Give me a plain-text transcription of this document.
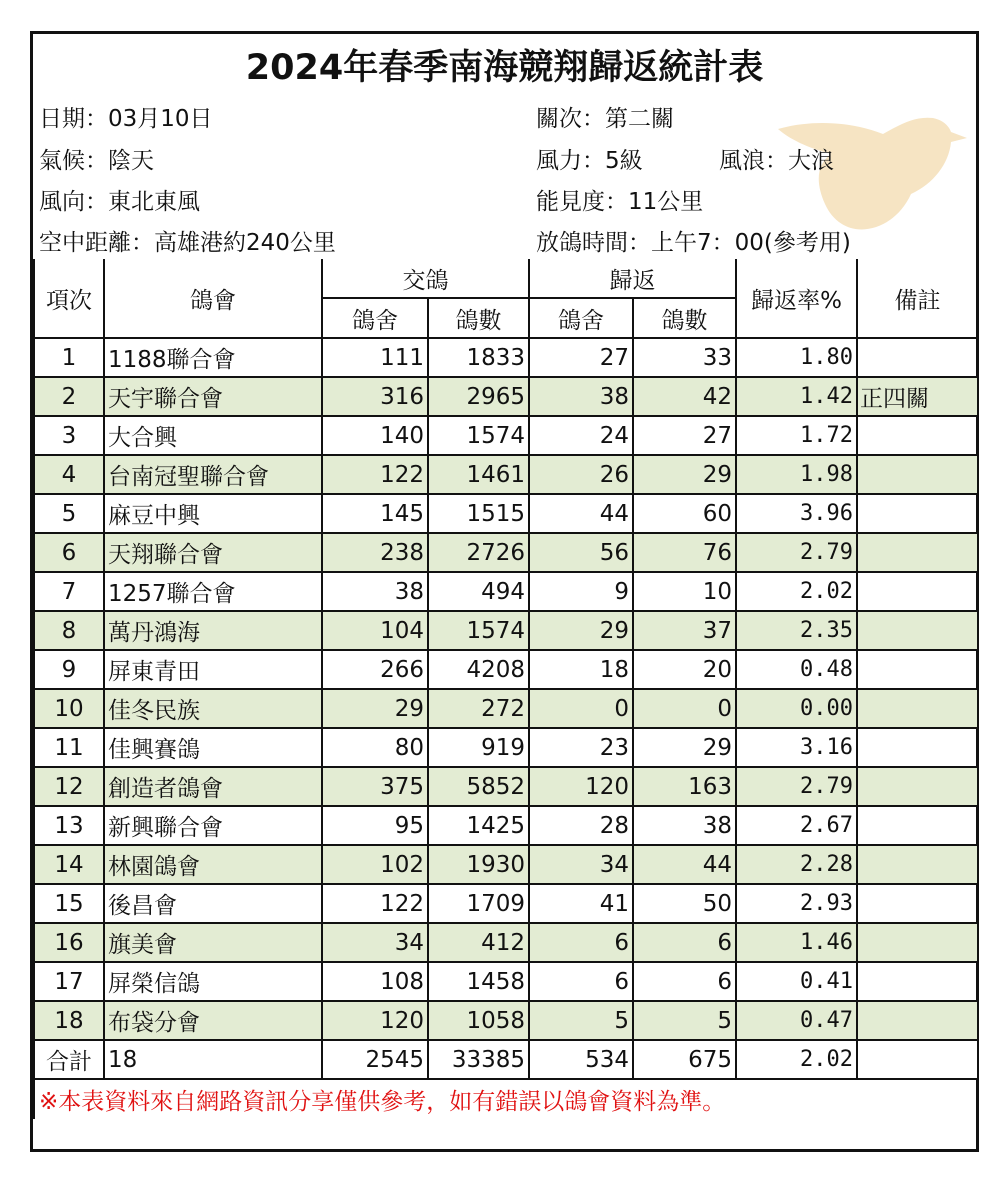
2024年春季南海競翔歸返統計表
日期：03月10日
氣候：陰天
風向：東北東風
空中距離：高雄港約240公里
關次：第二關
風力：5級	風浪：大浪
能見度：11公里
放鴿時間：上午7：00(參考用)
項次	鴿會	交鴿		歸返		歸返率%	備註
		鴿舍	鴿數	鴿舍	鴿數		
1	1188聯合會	111	1833	27	33	1.80	
2	天宇聯合會	316	2965	38	42	1.42	正四關
3	大合興	140	1574	24	27	1.72	
4	台南冠聖聯合會	122	1461	26	29	1.98	
5	麻豆中興	145	1515	44	60	3.96	
6	天翔聯合會	238	2726	56	76	2.79	
7	1257聯合會	38	494	9	10	2.02	
8	萬丹鴻海	104	1574	29	37	2.35	
9	屏東青田	266	4208	18	20	0.48	
10	佳冬民族	29	272	0	0	0.00	
11	佳興賽鴿	80	919	23	29	3.16	
12	創造者鴿會	375	5852	120	163	2.79	
13	新興聯合會	95	1425	28	38	2.67	
14	林園鴿會	102	1930	34	44	2.28	
15	後昌會	122	1709	41	50	2.93	
16	旗美會	34	412	6	6	1.46	
17	屏榮信鴿	108	1458	6	6	0.41	
18	布袋分會	120	1058	5	5	0.47	
合計	18	2545	33385	534	675	2.02	
※本表資料來自網路資訊分享僅供參考，如有錯誤以鴿會資料為準。							
